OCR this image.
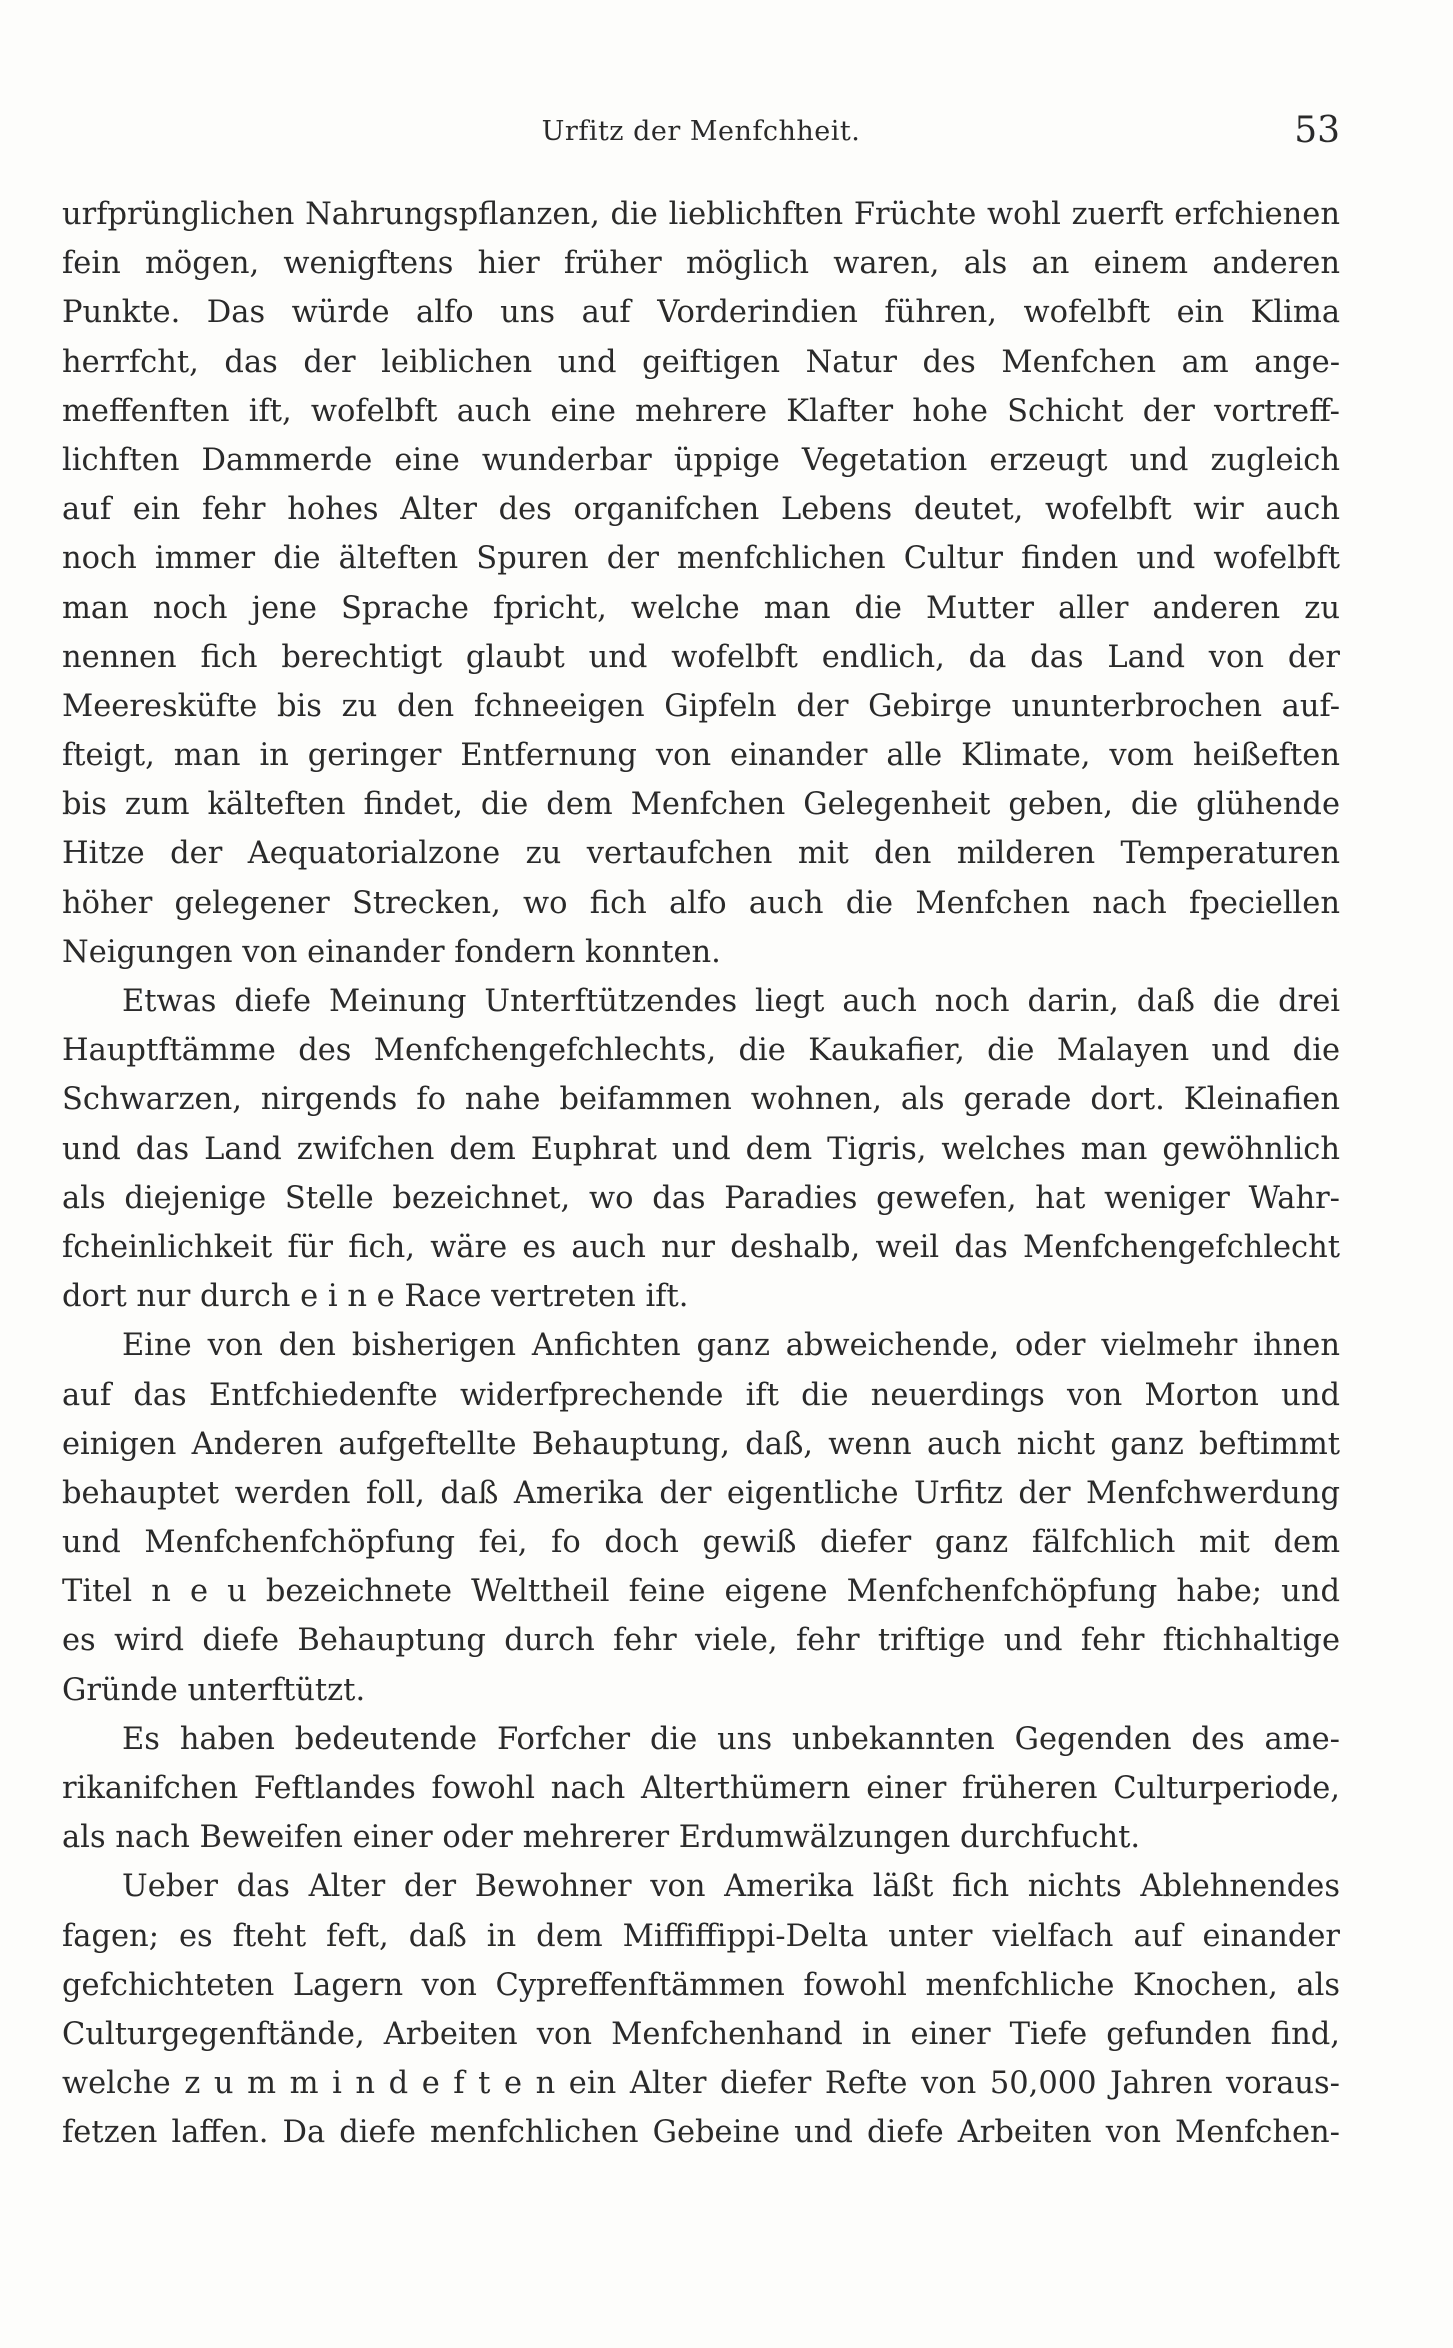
Urfitz der Menfchheit.	53
urfprünglichen Nahrungspflanzen, die lieblichften Früchte wohl zuerft erfchienen
fein mögen, wenigftens hier früher möglich waren, als an einem anderen
Punkte. Das würde alfo uns auf Vorderindien führen, wofelbft ein Klima
herrfcht, das der leiblichen und geiftigen Natur des Menfchen am ange-
meffenften ift, wofelbft auch eine mehrere Klafter hohe Schicht der vortreff-
lichften Dammerde eine wunderbar üppige Vegetation erzeugt und zugleich
auf ein fehr hohes Alter des organifchen Lebens deutet, wofelbft wir auch
noch immer die älteften Spuren der menfchlichen Cultur finden und wofelbft
man noch jene Sprache fpricht, welche man die Mutter aller anderen zu
nennen fich berechtigt glaubt und wofelbft endlich, da das Land von der
Meeresküfte bis zu den fchneeigen Gipfeln der Gebirge ununterbrochen auf-
fteigt, man in geringer Entfernung von einander alle Klimate, vom heißeften
bis zum kälteften findet, die dem Menfchen Gelegenheit geben, die glühende
Hitze der Aequatorialzone zu vertaufchen mit den milderen Temperaturen
höher gelegener Strecken, wo fich alfo auch die Menfchen nach fpeciellen
Neigungen von einander fondern konnten.
Etwas diefe Meinung Unterftützendes liegt auch noch darin, daß die drei
Hauptftämme des Menfchengefchlechts, die Kaukafier, die Malayen und die
Schwarzen, nirgends fo nahe beifammen wohnen, als gerade dort. Kleinafien
und das Land zwifchen dem Euphrat und dem Tigris, welches man gewöhnlich
als diejenige Stelle bezeichnet, wo das Paradies gewefen, hat weniger Wahr-
fcheinlichkeit für fich, wäre es auch nur deshalb, weil das Menfchengefchlecht
dort nur durch e i n e Race vertreten ift.
Eine von den bisherigen Anfichten ganz abweichende, oder vielmehr ihnen
auf das Entfchiedenfte widerfprechende ift die neuerdings von Morton und
einigen Anderen aufgeftellte Behauptung, daß, wenn auch nicht ganz beftimmt
behauptet werden foll, daß Amerika der eigentliche Urfitz der Menfchwerdung
und Menfchenfchöpfung fei, fo doch gewiß diefer ganz fälfchlich mit dem
Titel n e u bezeichnete Welttheil feine eigene Menfchenfchöpfung habe; und
es wird diefe Behauptung durch fehr viele, fehr triftige und fehr ftichhaltige
Gründe unterftützt.
Es haben bedeutende Forfcher die uns unbekannten Gegenden des ame-
rikanifchen Feftlandes fowohl nach Alterthümern einer früheren Culturperiode,
als nach Beweifen einer oder mehrerer Erdumwälzungen durchfucht.
Ueber das Alter der Bewohner von Amerika läßt fich nichts Ablehnendes
fagen; es fteht feft, daß in dem Miffiffippi-Delta unter vielfach auf einander
gefchichteten Lagern von Cypreffenftämmen fowohl menfchliche Knochen, als
Culturgegenftände, Arbeiten von Menfchenhand in einer Tiefe gefunden find,
welche z u m m i n d e f t e n ein Alter diefer Refte von 50,000 Jahren voraus-
fetzen laffen. Da diefe menfchlichen Gebeine und diefe Arbeiten von Menfchen-
